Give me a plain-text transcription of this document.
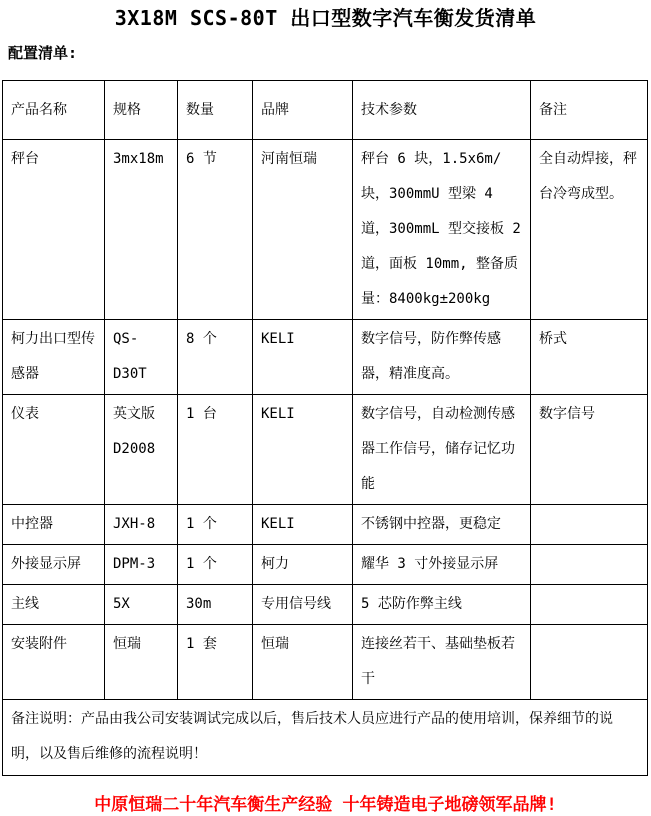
3X18M SCS-80T 出口型数字汽车衡发货清单
配置清单:
产品名称	规格	数量	品牌	技术参数	备注
秤台	3mx18m	6 节	河南恒瑞	秤台 6 块，1.5x6m/块，300mmU 型梁 4 道，300mmL 型交接板 2 道，面板 10mm, 整备质量：8400kg±200kg	全自动焊接，秤台冷弯成型。
柯力出口型传感器	QS-D30T	8 个	KELI	数字信号，防作弊传感器，精准度高。	桥式
仪表	英文版 D2008	1 台	KELI	数字信号，自动检测传感器工作信号，储存记忆功能	数字信号
中控器	JXH-8	1 个	KELI	不锈钢中控器，更稳定	
外接显示屏	DPM-3	1 个	柯力	耀华 3 寸外接显示屏	
主线	5X	30m	专用信号线	5 芯防作弊主线	
安装附件	恒瑞	1 套	恒瑞	连接丝若干、基础垫板若干	
备注说明：产品由我公司安装调试完成以后，售后技术人员应进行产品的使用培训，保养细节的说明，以及售后维修的流程说明！					
中原恒瑞二十年汽车衡生产经验 十年铸造电子地磅领军品牌!
